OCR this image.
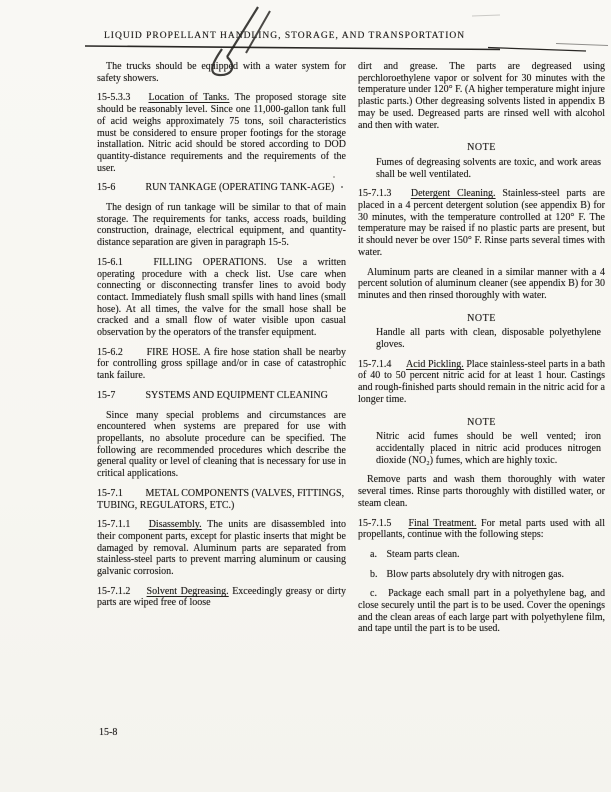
LIQUID PROPELLANT HANDLING, STORAGE, AND TRANSPORTATION

The trucks should be equipped with a water system for safety showers.

15-5.3.3 Location of Tanks. The proposed storage site should be reasonably level. Since one 11,000-gallon tank full of acid weighs approximately 75 tons, soil characteristics must be considered to ensure proper footings for the storage installation. Nitric acid should be stored according to DOD quantity-distance requirements and the requirements of the user.

15-6	RUN TANKAGE (OPERATING TANK-AGE)

The design of run tankage will be similar to that of main storage. The requirements for tanks, access roads, building construction, drainage, electrical equipment, and quantity-distance separation are given in paragraph 15-5.

15-6.1	FILLING OPERATIONS. Use a written operating procedure with a check list. Use care when connecting or disconnecting transfer lines to avoid body contact. Immediately flush small spills with hand lines (small hose). At all times, the valve for the small hose shall be cracked and a small flow of water visible upon casual observation by the operators of the transfer equipment.

15-6.2 FIRE HOSE. A fire hose station shall be nearby for controlling gross spillage and/or in case of catastrophic tank failure.

15-7	SYSTEMS AND EQUIPMENT CLEANING

Since many special problems and circumstances are encountered when systems are prepared for use with propellants, no absolute procedure can be specified. The following are recommended procedures which describe the general quality or level of cleaning that is necessary for use in critical applications.

15-7.1 METAL COMPONENTS (VALVES, FITTINGS, TUBING, REGULATORS, ETC.)

15-7.1.1 Disassembly. The units are disassembled into their component parts, except for plastic inserts that might be damaged by removal. Aluminum parts are separated from stainless-steel parts to prevent marring aluminum or causing galvanic corrosion.

15-7.1.2 Solvent Degreasing. Exceedingly greasy or dirty parts are wiped free of loose

dirt and grease. The parts are degreased using perchloroethylene vapor or solvent for 30 minutes with the temperature under 120° F. (A higher temperature might injure plastic parts.) Other degreasing solvents listed in appendix B may be used. Degreased parts are rinsed well with alcohol and then with water.

NOTE

Fumes of degreasing solvents are toxic, and work areas shall be well ventilated.

15-7.1.3 Detergent Cleaning. Stainless-steel parts are placed in a 4 percent detergent solution (see appendix B) for 30 minutes, with the temperature controlled at 120° F. The temperature may be raised if no plastic parts are present, but it should never be over 150° F. Rinse parts several times with water.

Aluminum parts are cleaned in a similar manner with a 4 percent solution of aluminum cleaner (see appendix B) for 30 minutes and then rinsed thoroughly with water.

NOTE

Handle all parts with clean, disposable polyethylene gloves.

15-7.1.4 Acid Pickling. Place stainless-steel parts in a bath of 40 to 50 percent nitric acid for at least 1 hour. Castings and rough-finished parts should remain in the nitric acid for a longer time.

NOTE

Nitric acid fumes should be well vented; iron accidentally placed in nitric acid produces nitrogen dioxide (NO₂) fumes, which are highly toxic.

Remove parts and wash them thoroughly with water several times. Rinse parts thoroughly with distilled water, or steam clean.

15-7.1.5 Final Treatment. For metal parts used with all propellants, continue with the following steps:

a. Steam parts clean.

b. Blow parts absolutely dry with nitrogen gas.

c. Package each small part in a polyethylene bag, and close securely until the part is to be used. Cover the openings and the clean areas of each large part with polyethylene film, and tape until the part is to be used.

15-8
